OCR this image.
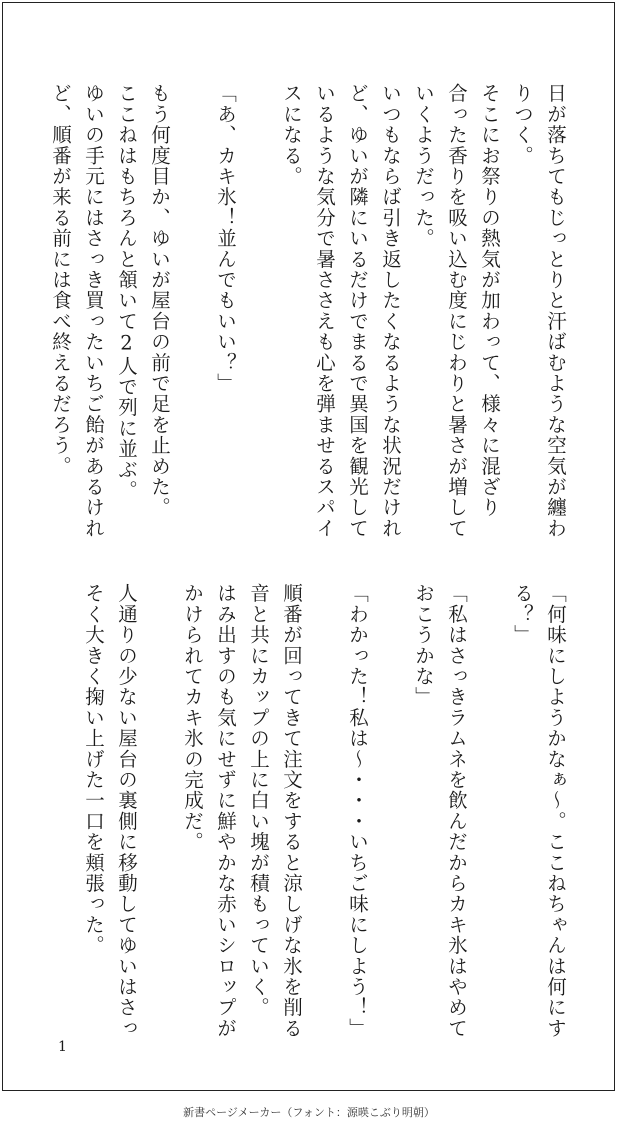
日が落ちてもじっとりと汗ばむような空気が纏わ
りつく。
そこにお祭りの熱気が加わって、様々に混ざり
合った香りを吸い込む度にじわりと暑さが増して
いくようだった。
いつもならば引き返したくなるような状況だけれ
ど、ゆいが隣にいるだけでまるで異国を観光して
いるような気分で暑ささえも心を弾ませるスパイ
スになる。

「あ、カキ氷！並んでもいい？」

もう何度目か、ゆいが屋台の前で足を止めた。
ここねはもちろんと頷いて2人で列に並ぶ。
ゆいの手元にはさっき買ったいちご飴があるけれ
ど、順番が来る前には食べ終えるだろう。
「何味にしようかなぁ〜。ここねちゃんは何にす
る？」

「私はさっきラムネを飲んだからカキ氷はやめて
おこうかな」

「わかった！私は〜・・・いちご味にしよう！」

順番が回ってきて注文をすると涼しげな氷を削る
音と共にカップの上に白い塊が積もっていく。
はみ出すのも気にせずに鮮やかな赤いシロップが
かけられてカキ氷の完成だ。

人通りの少ない屋台の裏側に移動してゆいはさっ
そく大きく掬い上げた一口を頬張った。
1
新書ページメーカー（フォント：源暎こぶり明朝）
